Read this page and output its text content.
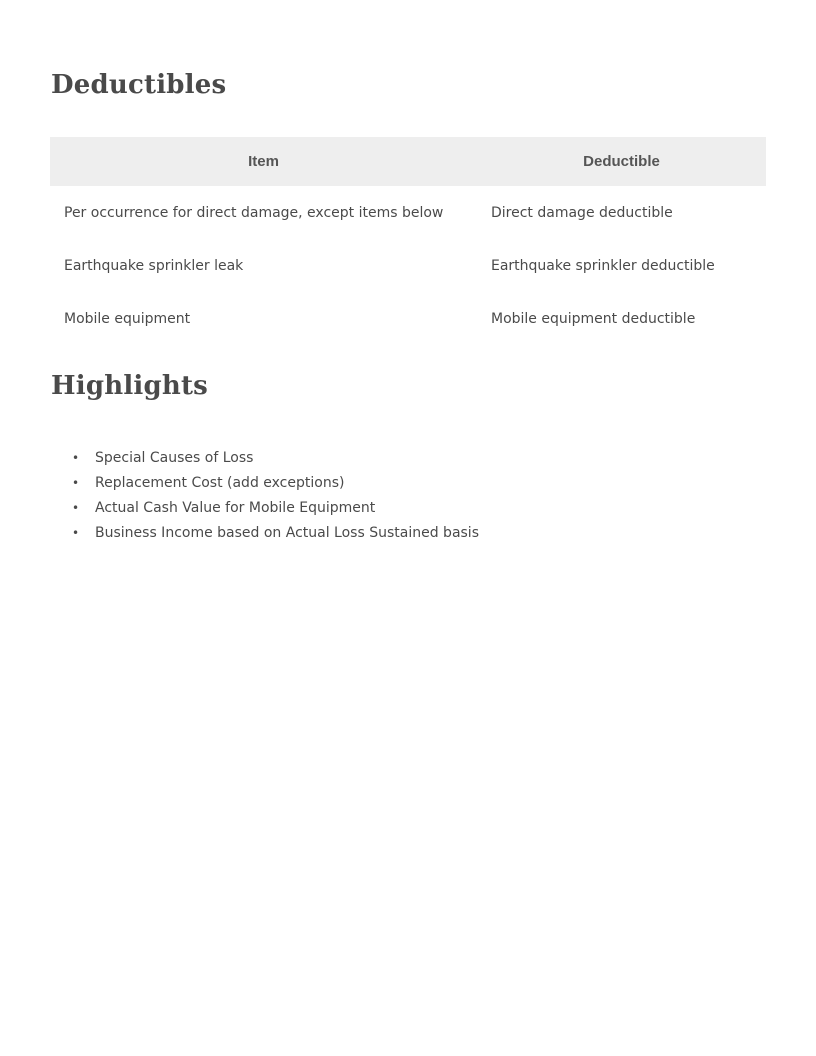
Deductibles
Item	Deductible
Per occurrence for direct damage, except items below	Direct damage deductible
Earthquake sprinkler leak	Earthquake sprinkler deductible
Mobile equipment	Mobile equipment deductible
Highlights
• Special Causes of Loss
• Replacement Cost (add exceptions)
• Actual Cash Value for Mobile Equipment
• Business Income based on Actual Loss Sustained basis
